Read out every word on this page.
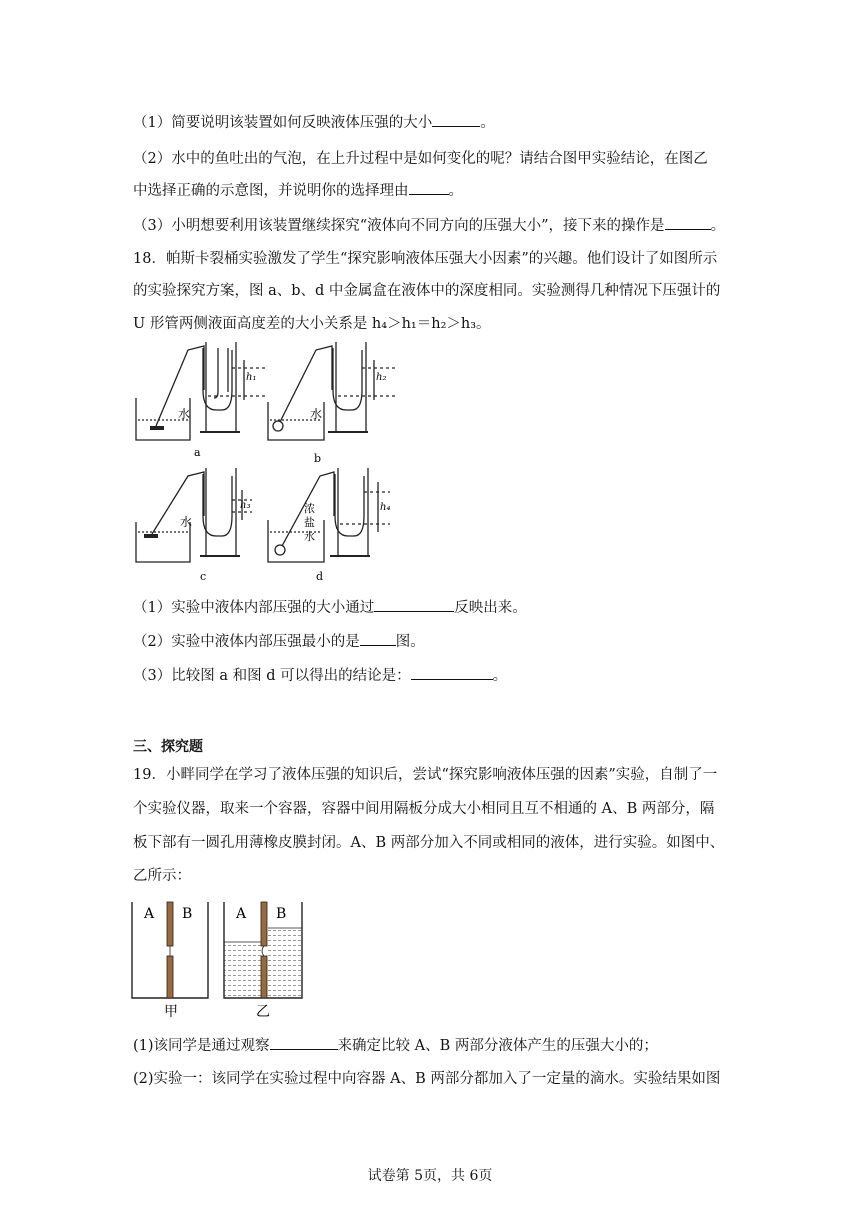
（1）简要说明该装置如何反映液体压强的大小	。
（2）水中的鱼吐出的气泡，在上升过程中是如何变化的呢？请结合图甲实验结论，在图乙
中选择正确的示意图，并说明你的选择理由	。
（3）小明想要利用该装置继续探究“液体向不同方向的压强大小”，接下来的操作是	。
18．帕斯卡裂桶实验激发了学生“探究影响液体压强大小因素”的兴趣。他们设计了如图所示
的实验探究方案，图 a、b、d 中金属盒在液体中的深度相同。实验测得几种情况下压强计的
U 形管两侧液面高度差的大小关系是 h₄＞h₁＝h₂＞h₃。
水	水
水
浓
盐
水
h₁	h₂
h₃	h₄
a	b
c	d
（1）实验中液体内部压强的大小通过	反映出来。
（2）实验中液体内部压强最小的是 图。
（3）比较图 a 和图 d 可以得出的结论是：	。
三、探究题
19．小畔同学在学习了液体压强的知识后，尝试“探究影响液体压强的因素”实验，自制了一
个实验仪器，取来一个容器，容器中间用隔板分成大小相同且互不相通的 A、B 两部分，隔
板下部有一圆孔用薄橡皮膜封闭。A、B 两部分加入不同或相同的液体，进行实验。如图中、
乙所示：
A B	A B
甲	乙
(1)该同学是通过观察	来确定比较 A、B 两部分液体产生的压强大小的；
(2)实验一：该同学在实验过程中向容器 A、B 两部分都加入了一定量的滴水。实验结果如图
试卷第 5页，共 6页
